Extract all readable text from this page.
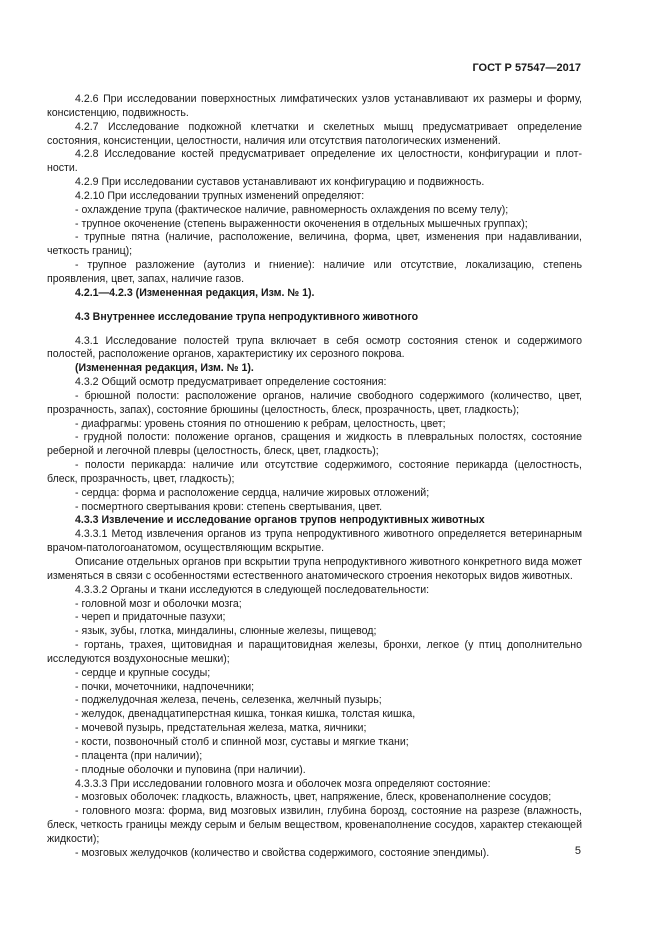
ГОСТ Р 57547—2017

4.2.6 При исследовании поверхностных лимфатических узлов устанавливают их размеры и форму, консистенцию, подвижность.

4.2.7 Исследование подкожной клетчатки и скелетных мышц предусматривает определение состояния, консистенции, целостности, наличия или отсутствия патологических изменений.

4.2.8 Исследование костей предусматривает определение их целостности, конфигурации и плотности.

4.2.9 При исследовании суставов устанавливают их конфигурацию и подвижность.

4.2.10 При исследовании трупных изменений определяют:

- охлаждение трупа (фактическое наличие, равномерность охлаждения по всему телу);

- трупное окоченение (степень выраженности окоченения в отдельных мышечных группах);

- трупные пятна (наличие, расположение, величина, форма, цвет, изменения при надавливании, четкость границ);

- трупное разложение (аутолиз и гниение): наличие или отсутствие, локализацию, степень проявления, цвет, запах, наличие газов.

4.2.1—4.2.3 (Измененная редакция, Изм. № 1).

4.3 Внутреннее исследование трупа непродуктивного животного

4.3.1 Исследование полостей трупа включает в себя осмотр состояния стенок и содержимого полостей, расположение органов, характеристику их серозного покрова.

(Измененная редакция, Изм. № 1).

4.3.2 Общий осмотр предусматривает определение состояния:

- брюшной полости: расположение органов, наличие свободного содержимого (количество, цвет, прозрачность, запах), состояние брюшины (целостность, блеск, прозрачность, цвет, гладкость);

- диафрагмы: уровень стояния по отношению к ребрам, целостность, цвет;

- грудной полости: положение органов, сращения и жидкость в плевральных полостях, состояние реберной и легочной плевры (целостность, блеск, цвет, гладкость);

- полости перикарда: наличие или отсутствие содержимого, состояние перикарда (целостность, блеск, прозрачность, цвет, гладкость);

- сердца: форма и расположение сердца, наличие жировых отложений;

- посмертного свертывания крови: степень свертывания, цвет.

4.3.3 Извлечение и исследование органов трупов непродуктивных животных

4.3.3.1 Метод извлечения органов из трупа непродуктивного животного определяется ветеринарным врачом-патологоанатомом, осуществляющим вскрытие.

Описание отдельных органов при вскрытии трупа непродуктивного животного конкретного вида может изменяться в связи с особенностями естественного анатомического строения некоторых видов животных.

4.3.3.2 Органы и ткани исследуются в следующей последовательности:

- головной мозг и оболочки мозга;

- череп и придаточные пазухи;

- язык, зубы, глотка, миндалины, слюнные железы, пищевод;

- гортань, трахея, щитовидная и паращитовидная железы, бронхи, легкое (у птиц дополнительно исследуются воздухоносные мешки);

- сердце и крупные сосуды;

- почки, мочеточники, надпочечники;

- поджелудочная железа, печень, селезенка, желчный пузырь;

- желудок, двенадцатиперстная кишка, тонкая кишка, толстая кишка,

- мочевой пузырь, предстательная железа, матка, яичники;

- кости, позвоночный столб и спинной мозг, суставы и мягкие ткани;

- плацента (при наличии);

- плодные оболочки и пуповина (при наличии).

4.3.3.3 При исследовании головного мозга и оболочек мозга определяют состояние:

- мозговых оболочек: гладкость, влажность, цвет, напряжение, блеск, кровенаполнение сосудов;

- головного мозга: форма, вид мозговых извилин, глубина борозд, состояние на разрезе (влажность, блеск, четкость границы между серым и белым веществом, кровенаполнение сосудов, характер стекающей жидкости);

- мозговых желудочков (количество и свойства содержимого, состояние эпендимы).	5
